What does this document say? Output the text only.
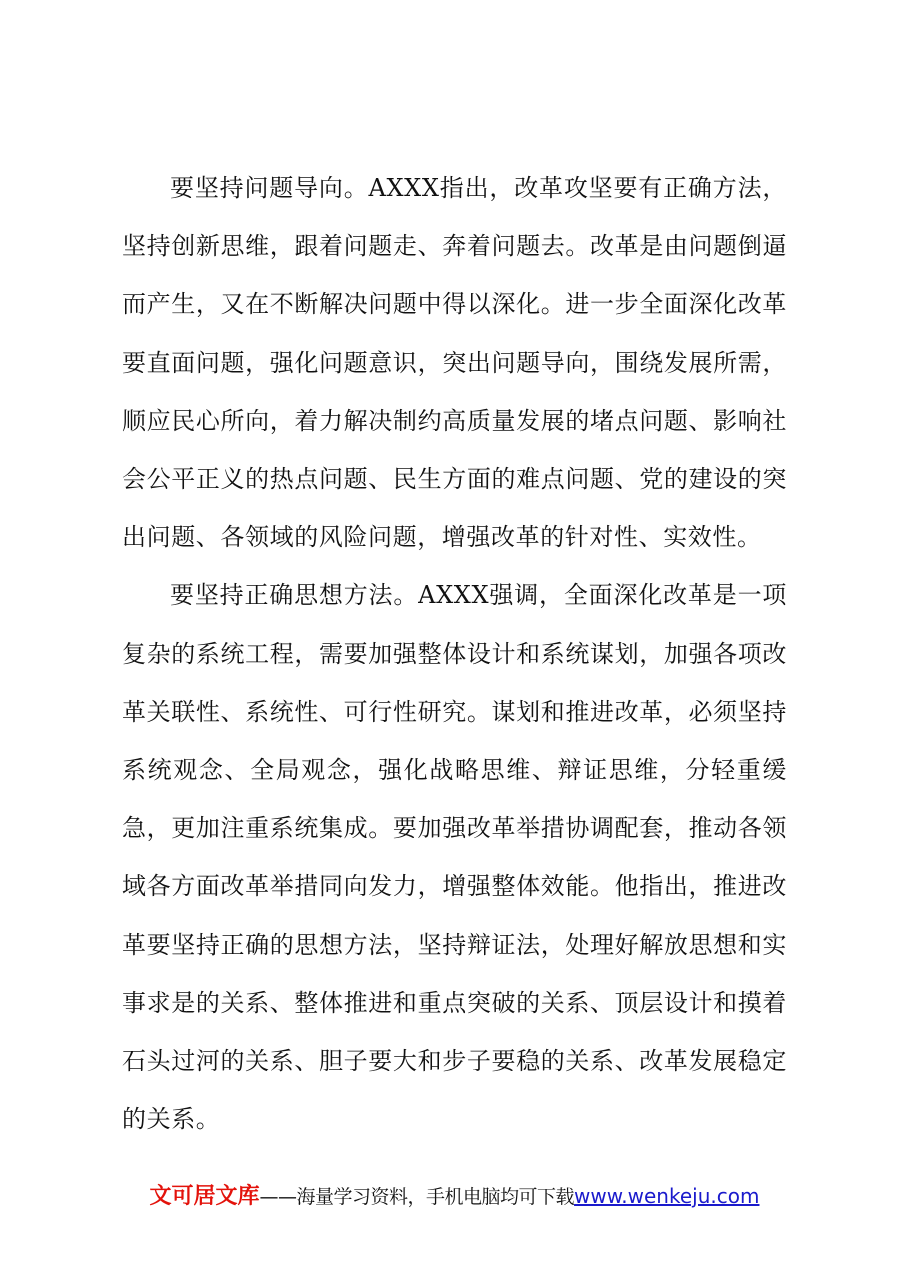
要坚持问题导向。AXXX指出，改革攻坚要有正确方法，坚持创新思维，跟着问题走、奔着问题去。改革是由问题倒逼而产生，又在不断解决问题中得以深化。进一步全面深化改革要直面问题，强化问题意识，突出问题导向，围绕发展所需，顺应民心所向，着力解决制约高质量发展的堵点问题、影响社会公平正义的热点问题、民生方面的难点问题、党的建设的突出问题、各领域的风险问题，增强改革的针对性、实效性。

要坚持正确思想方法。AXXX强调，全面深化改革是一项复杂的系统工程，需要加强整体设计和系统谋划，加强各项改革关联性、系统性、可行性研究。谋划和推进改革，必须坚持系统观念、全局观念，强化战略思维、辩证思维，分轻重缓急，更加注重系统集成。要加强改革举措协调配套，推动各领域各方面改革举措同向发力，增强整体效能。他指出，推进改革要坚持正确的思想方法，坚持辩证法，处理好解放思想和实事求是的关系、整体推进和重点突破的关系、顶层设计和摸着石头过河的关系、胆子要大和步子要稳的关系、改革发展稳定的关系。

文可居文库——海量学习资料，手机电脑均可下载www.wenkeju.com
